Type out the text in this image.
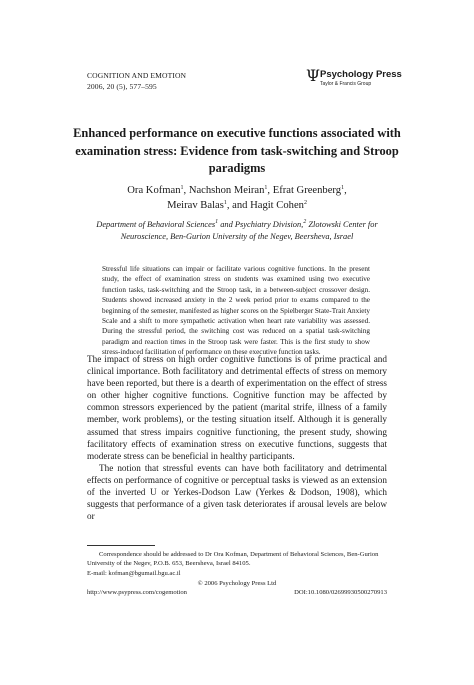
COGNITION AND EMOTION
2006, 20 (5), 577–595
Ψ Psychology Press
Taylor & Francis Group
Enhanced performance on executive functions associated with examination stress: Evidence from task-switching and Stroop paradigms
Ora Kofman$^1$, Nachshon Meiran$^1$, Efrat Greenberg$^1$,
Meirav Balas$^1$, and Hagit Cohen$^2$
Department of Behavioral Sciences$^1$ and Psychiatry Division,$^2$ Zlotowski Center for Neuroscience, Ben-Gurion University of the Negev, Beersheva, Israel
Stressful life situations can impair or facilitate various cognitive functions. In the present study, the effect of examination stress on students was examined using two executive function tasks, task-switching and the Stroop task, in a between-subject crossover design. Students showed increased anxiety in the 2 week period prior to exams compared to the beginning of the semester, manifested as higher scores on the Spielberger State-Trait Anxiety Scale and a shift to more sympathetic activation when heart rate variability was assessed. During the stressful period, the switching cost was reduced on a spatial task-switching paradigm and reaction times in the Stroop task were faster. This is the first study to show stress-induced facilitation of performance on these executive function tasks.

The impact of stress on high order cognitive functions is of prime practical and clinical importance. Both facilitatory and detrimental effects of stress on memory have been reported, but there is a dearth of experimentation on the effect of stress on other higher cognitive functions. Cognitive function may be affected by common stressors experienced by the patient (marital strife, illness of a family member, work problems), or the testing situation itself. Although it is generally assumed that stress impairs cognitive functioning, the present study, showing facilitatory effects of examination stress on executive functions, suggests that moderate stress can be beneficial in healthy participants.

The notion that stressful events can have both facilitatory and detrimental effects on performance of cognitive or perceptual tasks is viewed as an extension of the inverted U or Yerkes-Dodson Law (Yerkes & Dodson, 1908), which suggests that performance of a given task deteriorates if arousal levels are below or

Correspondence should be addressed to Dr Ora Kofman, Department of Behavioral Sciences, Ben-Gurion University of the Negev, P.O.B. 653, Beersheva, Israel 84105.

E-mail: kofman@bgumail.bgu.ac.il
© 2006 Psychology Press Ltd
http://www.psypress.com/cogemotion	DOI:10.1080/02699930500270913
